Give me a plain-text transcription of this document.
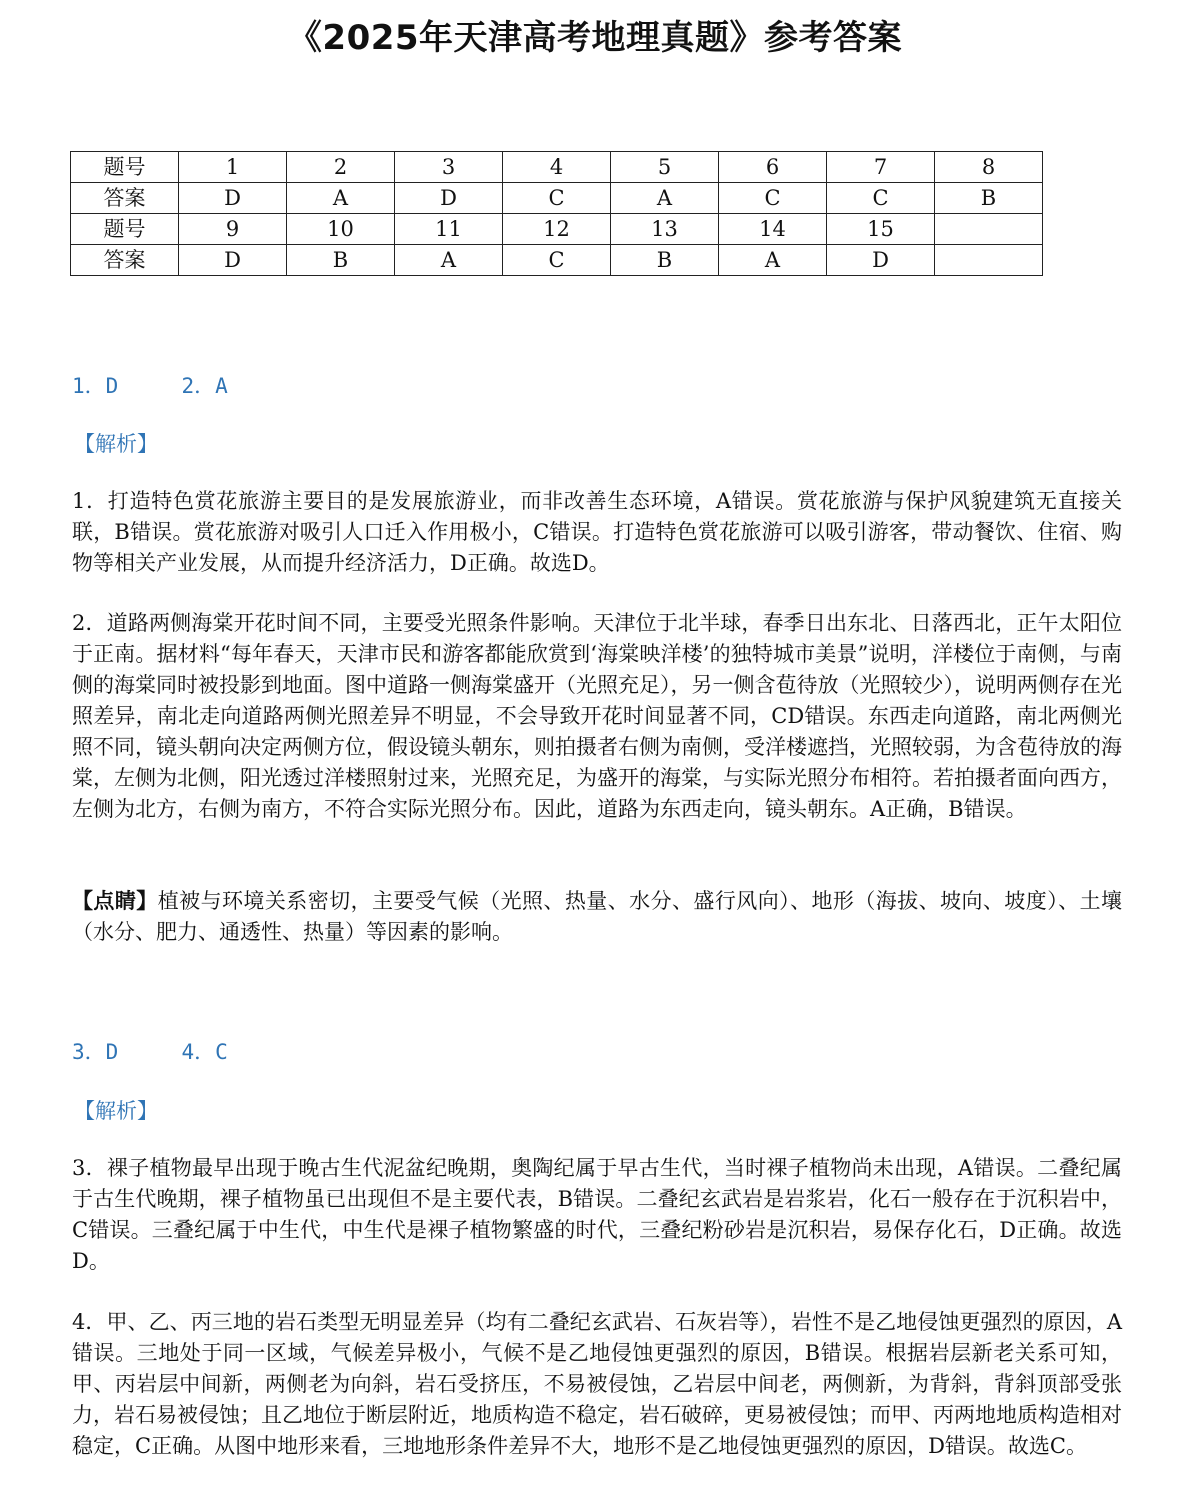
《2025年天津高考地理真题》参考答案
题号	1	2	3	4	5	6	7	8
答案	D	A	D	C	A	C	C	B
题号	9	10	11	12	13	14	15	
答案	D	B	A	C	B	A	D	
1．D     2．A
【解析】

1．打造特色赏花旅游主要目的是发展旅游业，而非改善生态环境，A错误。赏花旅游与保护风貌建筑无直接关联，B错误。赏花旅游对吸引人口迁入作用极小，C错误。打造特色赏花旅游可以吸引游客，带动餐饮、住宿、购物等相关产业发展，从而提升经济活力，D正确。故选D。

2．道路两侧海棠开花时间不同，主要受光照条件影响。天津位于北半球，春季日出东北、日落西北，正午太阳位于正南。据材料“每年春天，天津市民和游客都能欣赏到‘海棠映洋楼’的独特城市美景”说明，洋楼位于南侧，与南侧的海棠同时被投影到地面。图中道路一侧海棠盛开（光照充足），另一侧含苞待放（光照较少），说明两侧存在光照差异，南北走向道路两侧光照差异不明显，不会导致开花时间显著不同，CD错误。东西走向道路，南北两侧光照不同，镜头朝向决定两侧方位，假设镜头朝东，则拍摄者右侧为南侧，受洋楼遮挡，光照较弱，为含苞待放的海棠，左侧为北侧，阳光透过洋楼照射过来，光照充足，为盛开的海棠，与实际光照分布相符。若拍摄者面向西方，左侧为北方，右侧为南方，不符合实际光照分布。因此，道路为东西走向，镜头朝东。A正确，B错误。

【点睛】植被与环境关系密切，主要受气候（光照、热量、水分、盛行风向）、地形（海拔、坡向、坡度）、土壤（水分、肥力、通透性、热量）等因素的影响。

3．D     4．C
【解析】

3．裸子植物最早出现于晚古生代泥盆纪晚期，奥陶纪属于早古生代，当时裸子植物尚未出现，A错误。二叠纪属于古生代晚期，裸子植物虽已出现但不是主要代表，B错误。二叠纪玄武岩是岩浆岩，化石一般存在于沉积岩中，C错误。三叠纪属于中生代，中生代是裸子植物繁盛的时代，三叠纪粉砂岩是沉积岩，易保存化石，D正确。故选D。

4．甲、乙、丙三地的岩石类型无明显差异（均有二叠纪玄武岩、石灰岩等），岩性不是乙地侵蚀更强烈的原因，A错误。三地处于同一区域，气候差异极小，气候不是乙地侵蚀更强烈的原因，B错误。根据岩层新老关系可知，甲、丙岩层中间新，两侧老为向斜，岩石受挤压，不易被侵蚀，乙岩层中间老，两侧新，为背斜，背斜顶部受张力，岩石易被侵蚀；且乙地位于断层附近，地质构造不稳定，岩石破碎，更易被侵蚀；而甲、丙两地地质构造相对稳定，C正确。从图中地形来看，三地地形条件差异不大，地形不是乙地侵蚀更强烈的原因，D错误。故选C。
